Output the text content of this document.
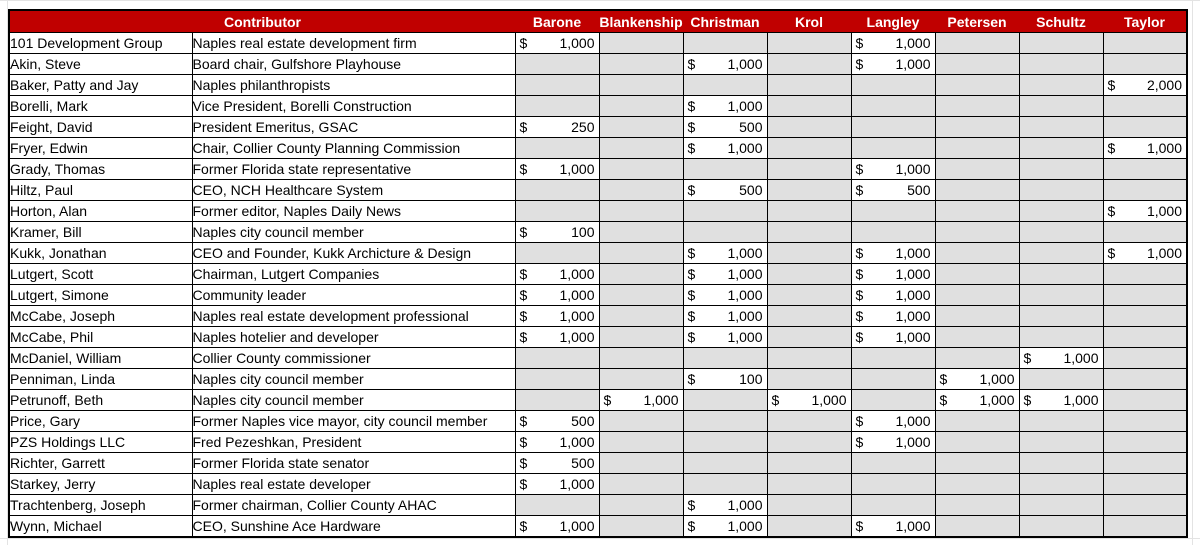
Contributor		Barone	Blankenship	Christman	Krol	Langley	Petersen	Schultz	Taylor
101 Development Group	Naples real estate development firm	$ 1,000				$ 1,000			

Akin, Steve	Board chair, Gulfshore Playhouse			$ 1,000		$ 1,000			

Baker, Patty and Jay	Naples philanthropists								$ 2,000

Borelli, Mark	Vice President, Borelli Construction			$ 1,000					

Feight, David	President Emeritus, GSAC	$ 250		$ 500					

Fryer, Edwin	Chair, Collier County Planning Commission			$ 1,000					$ 1,000

Grady, Thomas	Former Florida state representative	$ 1,000				$ 1,000			

Hiltz, Paul	CEO, NCH Healthcare System			$ 500		$ 500			

Horton, Alan	Former editor, Naples Daily News								$ 1,000

Kramer, Bill	Naples city council member	$ 100							

Kukk, Jonathan	CEO and Founder, Kukk Archicture & Design			$ 1,000		$ 1,000			$ 1,000

Lutgert, Scott	Chairman, Lutgert Companies	$ 1,000		$ 1,000		$ 1,000			

Lutgert, Simone	Community leader	$ 1,000		$ 1,000		$ 1,000			

McCabe, Joseph	Naples real estate development professional	$ 1,000		$ 1,000		$ 1,000			

McCabe, Phil	Naples hotelier and developer	$ 1,000		$ 1,000		$ 1,000			

McDaniel, William	Collier County commissioner							$ 1,000	

Penniman, Linda	Naples city council member			$ 100			$ 1,000		

Petrunoff, Beth	Naples city council member		$ 1,000		$ 1,000		$ 1,000	$ 1,000	

Price, Gary	Former Naples vice mayor, city council member	$ 500				$ 1,000			

PZS Holdings LLC	Fred Pezeshkan, President	$ 1,000				$ 1,000			

Richter, Garrett	Former Florida state senator	$ 500							

Starkey, Jerry	Naples real estate developer	$ 1,000							

Trachtenberg, Joseph	Former chairman, Collier County AHAC			$ 1,000					

Wynn, Michael	CEO, Sunshine Ace Hardware	$ 1,000		$ 1,000		$ 1,000			
